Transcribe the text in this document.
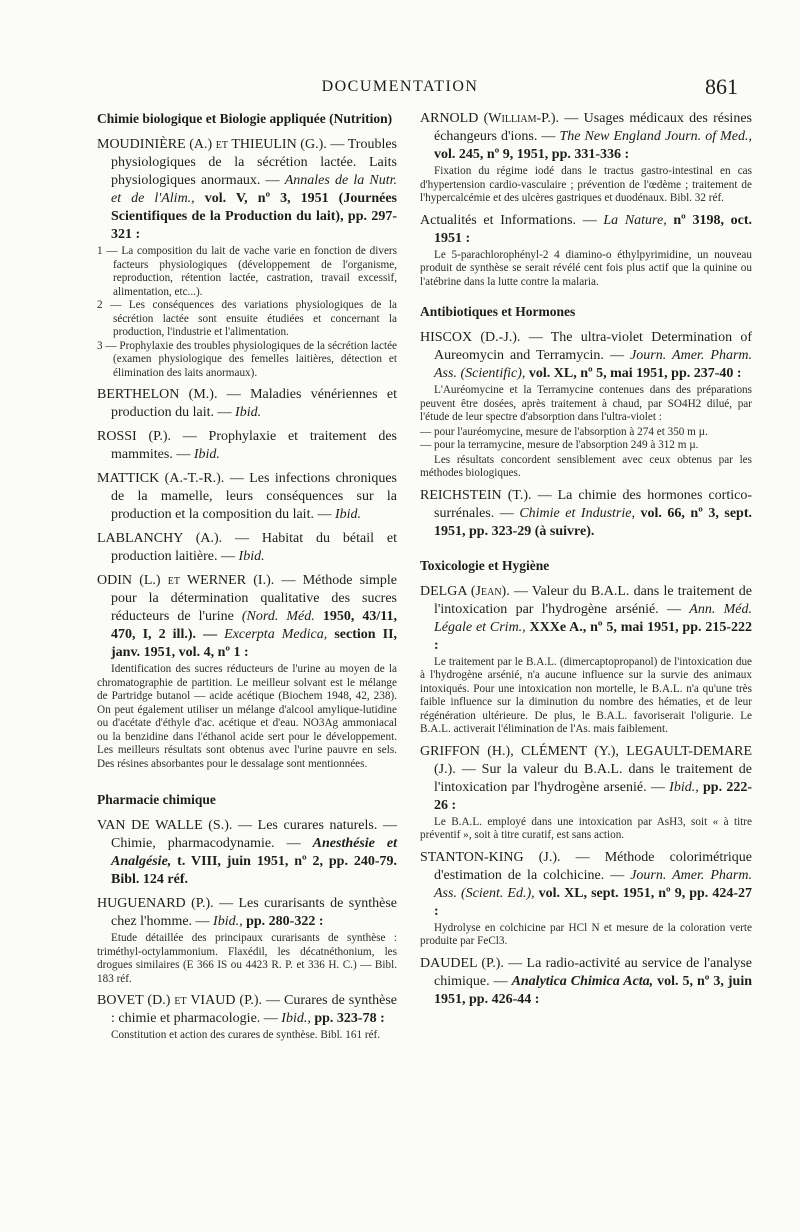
DOCUMENTATION	861
Chimie biologique et Biologie appliquée (Nutrition)
MOUDINIÈRE (A.) et THIEULIN (G.). — Troubles physiologiques de la sécrétion lactée. Laits physiologiques anormaux. — Annales de la Nutr. et de l'Alim., vol. V, nº 3, 1951 (Journées Scientifiques de la Production du lait), pp. 297-321 :
1 — La composition du lait de vache varie en fonction de divers facteurs physiologiques (développement de l'organisme, reproduction, rétention lactée, castration, travail excessif, alimentation, etc...).
2 — Les conséquences des variations physiologiques de la sécrétion lactée sont ensuite étudiées et concernant la production, l'industrie et l'alimentation.
3 — Prophylaxie des troubles physiologiques de la sécrétion lactée (examen physiologique des femelles laitières, détection et élimination des laits anormaux).
BERTHELON (M.). — Maladies vénériennes et production du lait. — Ibid.
ROSSI (P.). — Prophylaxie et traitement des mammites. — Ibid.
MATTICK (A.-T.-R.). — Les infections chroniques de la mamelle, leurs conséquences sur la production et la composition du lait. — Ibid.
LABLANCHY (A.). — Habitat du bétail et production laitière. — Ibid.
ODIN (L.) et WERNER (I.). — Méthode simple pour la détermination qualitative des sucres réducteurs de l'urine (Nord. Méd. 1950, 43/11, 470, I, 2 ill.). — Excerpta Medica, section II, janv. 1951, vol. 4, nº 1 :
Identification des sucres réducteurs de l'urine au moyen de la chromatographie de partition. Le meilleur solvant est le mélange de Partridge butanol — acide acétique (Biochem 1948, 42, 238). On peut également utiliser un mélange d'alcool amylique-lutidine ou d'acétate d'éthyle d'ac. acétique et d'eau. NO3Ag ammoniacal ou la benzidine dans l'éthanol acide sert pour le développement. Les meilleurs résultats sont obtenus avec l'urine pauvre en sels. Des résines absorbantes pour le dessalage sont mentionnées.
Pharmacie chimique
VAN DE WALLE (S.). — Les curares naturels. — Chimie, pharmacodynamie. — Anesthésie et Analgésie, t. VIII, juin 1951, nº 2, pp. 240-79. Bibl. 124 réf.
HUGUENARD (P.). — Les curarisants de synthèse chez l'homme. — Ibid., pp. 280-322 :
Etude détaillée des principaux curarisants de synthèse : triméthyl-octylammonium. Flaxédil, les décatnéthonium, les drogues similaires (E 366 IS ou 4423 R. P. et 336 H. C.) — Bibl. 183 réf.
BOVET (D.) et VIAUD (P.). — Curares de synthèse : chimie et pharmacologie. — Ibid., pp. 323-78 :
Constitution et action des curares de synthèse. Bibl. 161 réf.
ARNOLD (William-P.). — Usages médicaux des résines échangeurs d'ions. — The New England Journ. of Med., vol. 245, nº 9, 1951, pp. 331-336 :
Fixation du régime iodé dans le tractus gastro-intestinal en cas d'hypertension cardio-vasculaire ; prévention de l'œdème ; traitement de l'hypercalcémie et des ulcères gastriques et duodénaux. Bibl. 32 réf.
Actualités et Informations. — La Nature, nº 3198, oct. 1951 :
Le 5-parachlorophényl-2 4 diamino-o éthylpyrimidine, un nouveau produit de synthèse se serait révélé cent fois plus actif que la quinine ou l'atébrine dans la lutte contre la malaria.
Antibiotiques et Hormones
HISCOX (D.-J.). — The ultra-violet Determination of Aureomycin and Terramycin. — Journ. Amer. Pharm. Ass. (Scientific), vol. XL, nº 5, mai 1951, pp. 237-40 :
L'Auréomycine et la Terramycine contenues dans des préparations peuvent être dosées, après traitement à chaud, par SO4H2 dilué, par l'étude de leur spectre d'absorption dans l'ultra-violet :
— pour l'auréomycine, mesure de l'absorption à 274 et 350 m µ.
— pour la terramycine, mesure de l'absorption 249 à 312 m µ.
Les résultats concordent sensiblement avec ceux obtenus par les méthodes biologiques.
REICHSTEIN (T.). — La chimie des hormones cortico-surrénales. — Chimie et Industrie, vol. 66, nº 3, sept. 1951, pp. 323-29 (à suivre).
Toxicologie et Hygiène
DELGA (Jean). — Valeur du B.A.L. dans le traitement de l'intoxication par l'hydrogène arsénié. — Ann. Méd. Légale et Crim., XXXe A., nº 5, mai 1951, pp. 215-222 :
Le traitement par le B.A.L. (dimercaptopropanol) de l'intoxication due à l'hydrogène arsénié, n'a aucune influence sur la survie des animaux intoxiqués. Pour une intoxication non mortelle, le B.A.L. n'a qu'une très faible influence sur la diminution du nombre des hématies, et de leur régénération ultérieure. De plus, le B.A.L. favoriserait l'oligurie. Le B.A.L. activerait l'élimination de l'As. mais faiblement.
GRIFFON (H.), CLÉMENT (Y.), LEGAULT-DEMARE (J.). — Sur la valeur du B.A.L. dans le traitement de l'intoxication par l'hydrogène arsenié. — Ibid., pp. 222-26 :
Le B.A.L. employé dans une intoxication par AsH3, soit « à titre préventif », soit à titre curatif, est sans action.
STANTON-KING (J.). — Méthode colorimétrique d'estimation de la colchicine. — Journ. Amer. Pharm. Ass. (Scient. Ed.), vol. XL, sept. 1951, nº 9, pp. 424-27 :
Hydrolyse en colchicine par HCl N et mesure de la coloration verte produite par FeCl3.
DAUDEL (P.). — La radio-activité au service de l'analyse chimique. — Analytica Chimica Acta, vol. 5, nº 3, juin 1951, pp. 426-44 :
